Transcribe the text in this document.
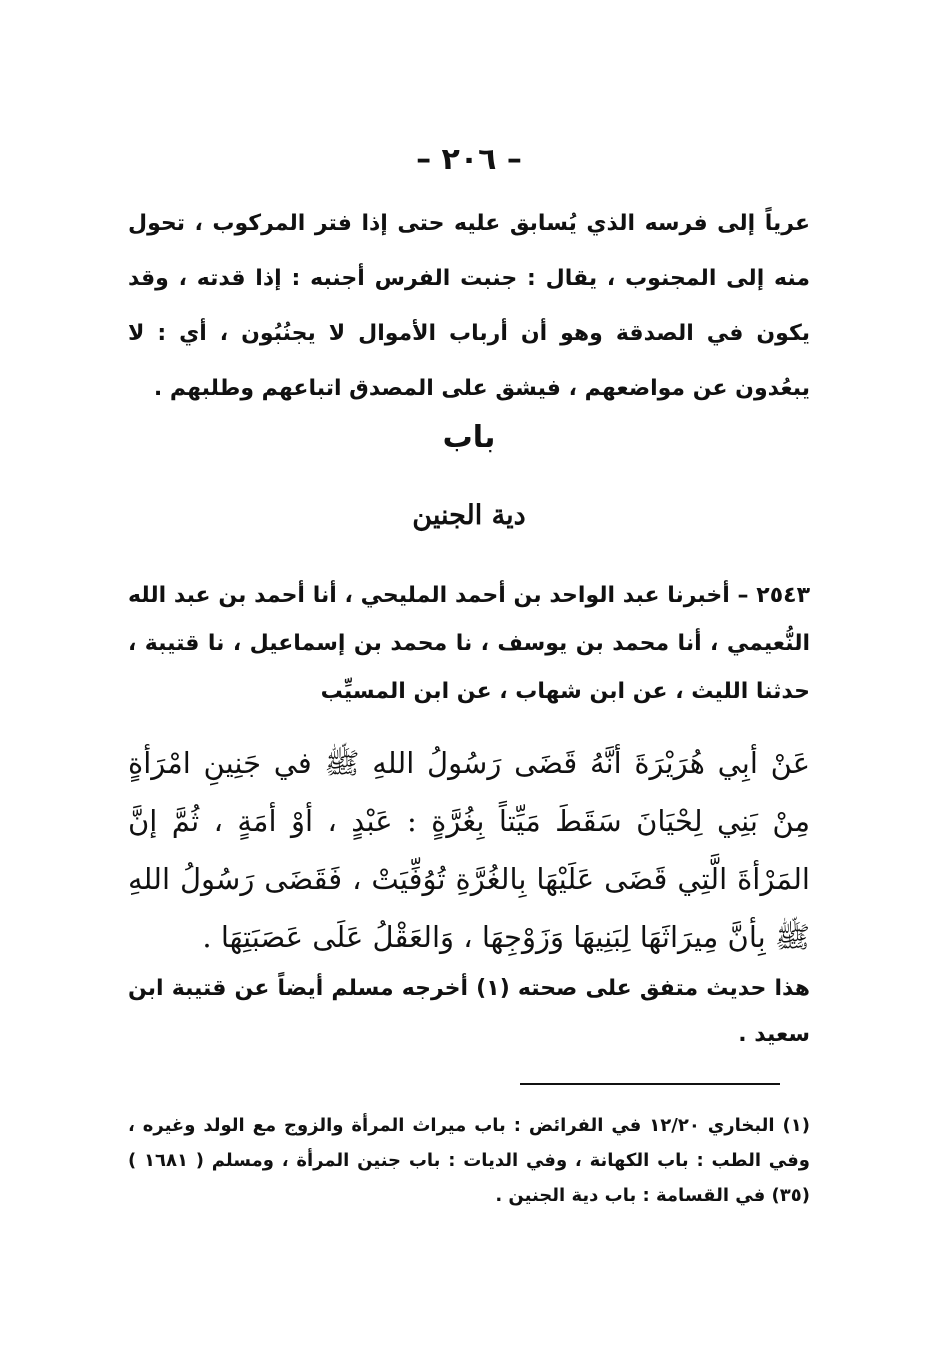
– ٢٠٦ –
عرياً إلى فرسه الذي يُسابق عليه حتى إذا فتر المركوب ، تحول منه إلى المجنوب ، يقال : جنبت الفرس أجنبه : إذا قدته ، وقد يكون في الصدقة وهو أن أرباب الأموال لا يجنُبُون ، أي : لا يبعُدون عن مواضعهم ، فيشق على المصدق اتباعهم وطلبهم .
باب
دية الجنين
٢٥٤٣ – أخبرنا عبد الواحد بن أحمد المليحي ، أنا أحمد بن عبد الله النُّعيمي ، أنا محمد بن يوسف ، نا محمد بن إسماعيل ، نا قتيبة ، حدثنا الليث ، عن ابن شهاب ، عن ابن المسيِّب
عَنْ أبِي هُرَيْرَةَ أنَّهُ قَضَى رَسُولُ اللهِ ﷺ في جَنِينِ امْرَأةٍ مِنْ بَنِي لِحْيَانَ سَقَطَ مَيِّتاً بِغُرَّةٍ : عَبْدٍ ، أوْ أمَةٍ ، ثُمَّ إنَّ المَرْأةَ الَّتِي قَضَى عَلَيْهَا بِالغُرَّةِ تُوُفِّيَتْ ، فَقَضَى رَسُولُ اللهِ ﷺ بِأنَّ مِيرَاثَهَا لِبَنِيهَا وَزَوْجِهَا ، وَالعَقْلُ عَلَى عَصَبَتِهَا .
هذا حديث متفق على صحته (١) أخرجه مسلم أيضاً عن قتيبة ابن سعيد .
(١) البخاري ١٢/٢٠ في الفرائض : باب ميراث المرأة والزوج مع الولد وغيره ، وفي الطب : باب الكهانة ، وفي الديات : باب جنين المرأة ، ومسلم ( ١٦٨١ ) (٣٥) في القسامة : باب دية الجنين .
